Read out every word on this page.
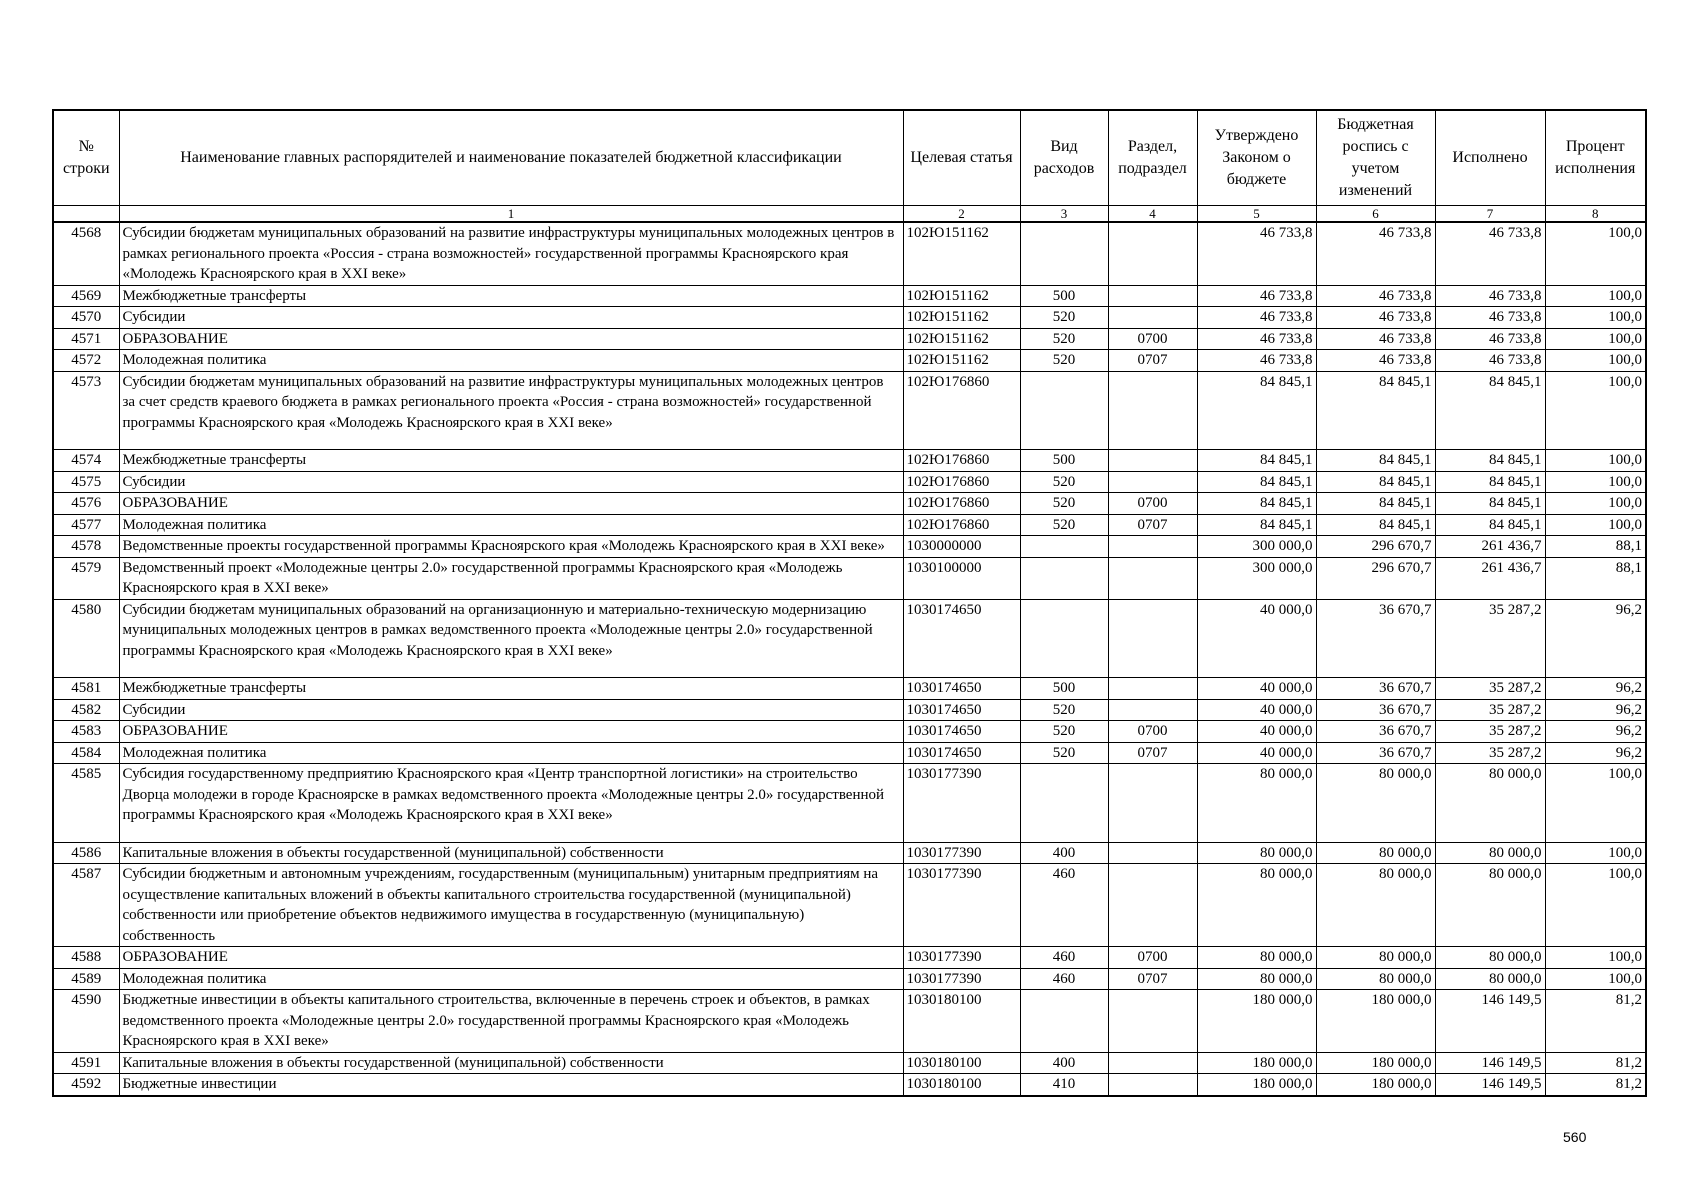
№ строки	Наименование главных распорядителей и наименование показателей бюджетной классификации	Целевая статья	Вид расходов	Раздел, подраздел	Утверждено Законом о бюджете	Бюджетная роспись с учетом изменений	Исполнено	Процент исполнения
	1	2	3	4	5	6	7	8
4568	Субсидии бюджетам муниципальных образований на развитие инфраструктуры муниципальных молодежных центров в рамках регионального проекта «Россия - страна возможностей» государственной программы Красноярского края «Молодежь Красноярского края в XXI веке»	102Ю151162			46 733,8	46 733,8	46 733,8	100,0
4569	Межбюджетные трансферты	102Ю151162	500		46 733,8	46 733,8	46 733,8	100,0
4570	Субсидии	102Ю151162	520		46 733,8	46 733,8	46 733,8	100,0
4571	ОБРАЗОВАНИЕ	102Ю151162	520	0700	46 733,8	46 733,8	46 733,8	100,0
4572	Молодежная политика	102Ю151162	520	0707	46 733,8	46 733,8	46 733,8	100,0
4573	Субсидии бюджетам муниципальных образований на развитие инфраструктуры муниципальных молодежных центров за счет средств краевого бюджета в рамках регионального проекта «Россия - страна возможностей» государственной программы Красноярского края «Молодежь Красноярского края в XXI веке»	102Ю176860			84 845,1	84 845,1	84 845,1	100,0
4574	Межбюджетные трансферты	102Ю176860	500		84 845,1	84 845,1	84 845,1	100,0
4575	Субсидии	102Ю176860	520		84 845,1	84 845,1	84 845,1	100,0
4576	ОБРАЗОВАНИЕ	102Ю176860	520	0700	84 845,1	84 845,1	84 845,1	100,0
4577	Молодежная политика	102Ю176860	520	0707	84 845,1	84 845,1	84 845,1	100,0
4578	Ведомственные проекты государственной программы Красноярского края «Молодежь Красноярского края в XXI веке»	1030000000			300 000,0	296 670,7	261 436,7	88,1
4579	Ведомственный проект «Молодежные центры 2.0» государственной программы Красноярского края «Молодежь Красноярского края в XXI веке»	1030100000			300 000,0	296 670,7	261 436,7	88,1
4580	Субсидии бюджетам муниципальных образований на организационную и материально-техническую модернизацию муниципальных молодежных центров в рамках ведомственного проекта «Молодежные центры 2.0» государственной программы Красноярского края «Молодежь Красноярского края в XXI веке»	1030174650			40 000,0	36 670,7	35 287,2	96,2
4581	Межбюджетные трансферты	1030174650	500		40 000,0	36 670,7	35 287,2	96,2
4582	Субсидии	1030174650	520		40 000,0	36 670,7	35 287,2	96,2
4583	ОБРАЗОВАНИЕ	1030174650	520	0700	40 000,0	36 670,7	35 287,2	96,2
4584	Молодежная политика	1030174650	520	0707	40 000,0	36 670,7	35 287,2	96,2
4585	Субсидия государственному предприятию Красноярского края «Центр транспортной логистики» на строительство Дворца молодежи в городе Красноярске в рамках ведомственного проекта «Молодежные центры 2.0» государственной программы Красноярского края «Молодежь Красноярского края в XXI веке»	1030177390			80 000,0	80 000,0	80 000,0	100,0
4586	Капитальные вложения в объекты государственной (муниципальной) собственности	1030177390	400		80 000,0	80 000,0	80 000,0	100,0
4587	Субсидии бюджетным и автономным учреждениям, государственным (муниципальным) унитарным предприятиям на осуществление капитальных вложений в объекты капитального строительства государственной (муниципальной) собственности или приобретение объектов недвижимого имущества в государственную (муниципальную) собственность	1030177390	460		80 000,0	80 000,0	80 000,0	100,0
4588	ОБРАЗОВАНИЕ	1030177390	460	0700	80 000,0	80 000,0	80 000,0	100,0
4589	Молодежная политика	1030177390	460	0707	80 000,0	80 000,0	80 000,0	100,0
4590	Бюджетные инвестиции в объекты капитального строительства, включенные в перечень строек и объектов, в рамках ведомственного проекта «Молодежные центры 2.0» государственной программы Красноярского края «Молодежь Красноярского края в XXI веке»	1030180100			180 000,0	180 000,0	146 149,5	81,2
4591	Капитальные вложения в объекты государственной (муниципальной) собственности	1030180100	400		180 000,0	180 000,0	146 149,5	81,2
4592	Бюджетные инвестиции	1030180100	410		180 000,0	180 000,0	146 149,5	81,2
560
